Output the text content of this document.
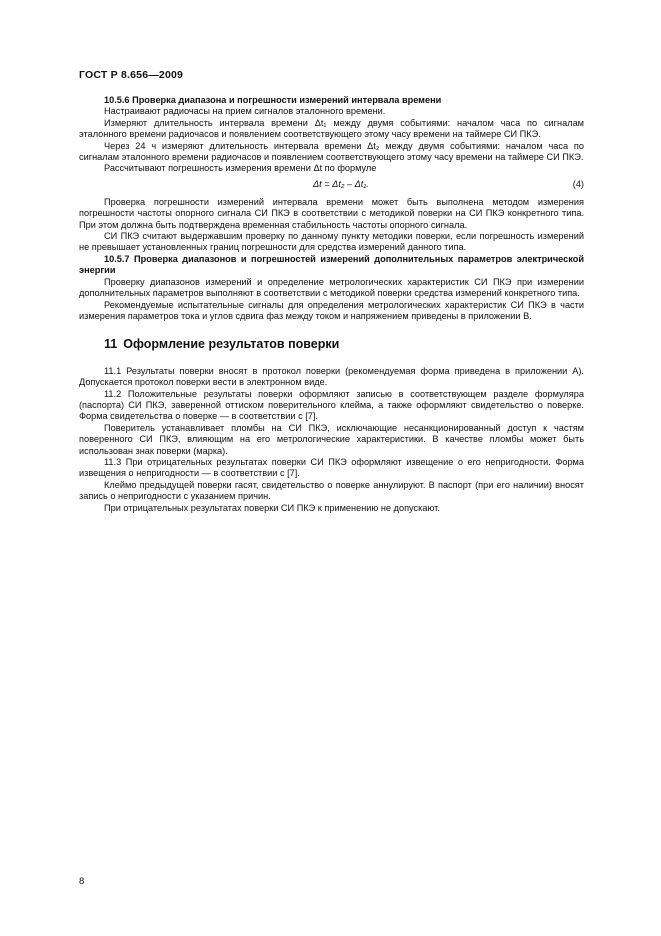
ГОСТ Р 8.656—2009

10.5.6 Проверка диапазона и погрешности измерений интервала времени

Настраивают радиочасы на прием сигналов эталонного времени.

Измеряют длительность интервала времени Δt₁ между двумя событиями: началом часа по сигналам эталонного времени радиочасов и появлением соответствующего этому часу времени на таймере СИ ПКЭ.

Через 24 ч измеряют длительность интервала времени Δt₂ между двумя событиями: началом часа по сигналам эталонного времени радиочасов и появлением соответствующего этому часу времени на таймере СИ ПКЭ.

Рассчитывают погрешность измерения времени Δt по формуле

Δt = Δt₂ – Δt₁.	(4)

Проверка погрешности измерений интервала времени может быть выполнена методом измерения погрешности частоты опорного сигнала СИ ПКЭ в соответствии с методикой поверки на СИ ПКЭ конкретного типа. При этом должна быть подтверждена временная стабильность частоты опорного сигнала.

СИ ПКЭ считают выдержавшим проверку по данному пункту методики поверки, если погрешность измерений не превышает установленных границ погрешности для средства измерений данного типа.

10.5.7 Проверка диапазонов и погрешностей измерений дополнительных параметров электрической энергии

Проверку диапазонов измерений и определение метрологических характеристик СИ ПКЭ при измерении дополнительных параметров выполняют в соответствии с методикой поверки средства измерений конкретного типа.

Рекомендуемые испытательные сигналы для определения метрологических характеристик СИ ПКЭ в части измерения параметров тока и углов сдвига фаз между током и напряжением приведены в приложении В.

11 Оформление результатов поверки

11.1 Результаты поверки вносят в протокол поверки (рекомендуемая форма приведена в приложении А). Допускается протокол поверки вести в электронном виде.

11.2 Положительные результаты поверки оформляют записью в соответствующем разделе формуляра (паспорта) СИ ПКЭ, заверенной оттиском поверительного клейма, а также оформляют свидетельство о поверке. Форма свидетельства о поверке — в соответствии с [7].

Поверитель устанавливает пломбы на СИ ПКЭ, исключающие несанкционированный доступ к частям поверенного СИ ПКЭ, влияющим на его метрологические характеристики. В качестве пломбы может быть использован знак поверки (марка).

11.3 При отрицательных результатах поверки СИ ПКЭ оформляют извещение о его непригодности. Форма извещения о непригодности — в соответствии с [7].

Клеймо предыдущей поверки гасят, свидетельство о поверке аннулируют. В паспорт (при его наличии) вносят запись о непригодности с указанием причин.

При отрицательных результатах поверки СИ ПКЭ к применению не допускают.

8
